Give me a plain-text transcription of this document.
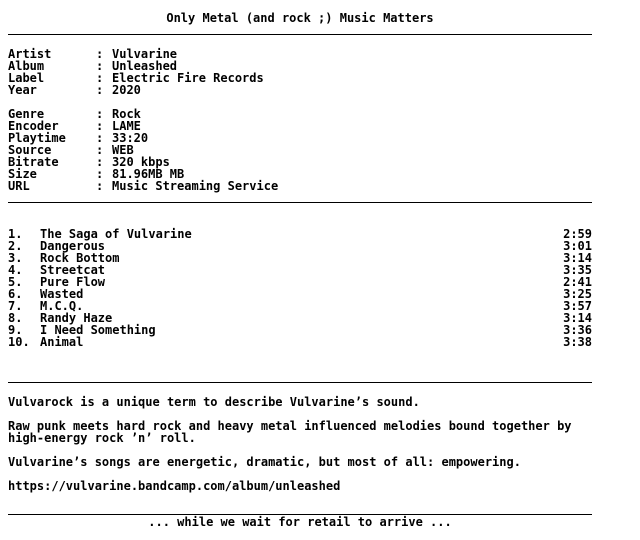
Only Metal (and rock ;) Music Matters
Artist	: Vulvarine
Album	: Unleashed
Label	: Electric Fire Records
Year	: 2020
Genre	: Rock
Encoder	: LAME
Playtime	: 33:20
Source	: WEB
Bitrate	: 320 kbps
Size	: 81.96MB MB
URL	: Music Streaming Service
1.	The Saga of Vulvarine	2:59
2.	Dangerous	3:01
3.	Rock Bottom	3:14
4.	Streetcat	3:35
5.	Pure Flow	2:41
6.	Wasted	3:25
7.	M.C.Q.	3:57
8.	Randy Haze	3:14
9.	I Need Something	3:36
10. Animal	3:38
Vulvarock is a unique term to describe Vulvarine’s sound.
Raw punk meets hard rock and heavy metal influenced melodies bound together by
high-energy rock ’n’ roll.
Vulvarine’s songs are energetic, dramatic, but most of all: empowering.
https://vulvarine.bandcamp.com/album/unleashed
... while we wait for retail to arrive ...
